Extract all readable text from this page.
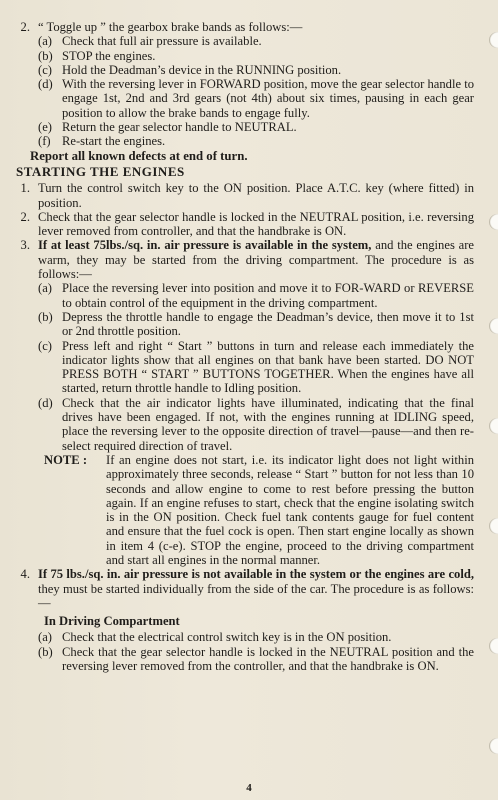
2. “ Toggle up ” the gearbox brake bands as follows:—
(a) Check that full air pressure is available.
(b) STOP the engines.
(c) Hold the Deadman’s device in the RUNNING position.
(d) With the reversing lever in FORWARD position, move the gear selector handle to engage 1st, 2nd and 3rd gears (not 4th) about six times, pausing in each gear position to allow the brake bands to engage fully.
(e) Return the gear selector handle to NEUTRAL.
(f) Re-start the engines.
Report all known defects at end of turn.
STARTING THE ENGINES
1. Turn the control switch key to the ON position. Place A.T.C. key (where fitted) in position.
2. Check that the gear selector handle is locked in the NEUTRAL position, i.e. reversing lever removed from controller, and that the handbrake is ON.
3. If at least 75lbs./sq. in. air pressure is available in the system, and the engines are warm, they may be started from the driving compartment. The procedure is as follows:—
(a) Place the reversing lever into position and move it to FOR-WARD or REVERSE to obtain control of the equipment in the driving compartment.
(b) Depress the throttle handle to engage the Deadman’s device, then move it to 1st or 2nd throttle position.
(c) Press left and right “ Start ” buttons in turn and release each immediately the indicator lights show that all engines on that bank have been started. DO NOT PRESS BOTH “ START ” BUTTONS TOGETHER. When the engines have all started, return throttle handle to Idling position.
(d) Check that the air indicator lights have illuminated, indicating that the final drives have been engaged. If not, with the engines running at IDLING speed, place the reversing lever to the opposite direction of travel—pause—and then re-select required direction of travel.
NOTE :	If an engine does not start, i.e. its indicator light does not light within approximately three seconds, release “ Start ” button for not less than 10 seconds and allow engine to come to rest before pressing the button again. If an engine refuses to start, check that the engine isolating switch is in the ON position. Check fuel tank contents gauge for fuel content and ensure that the fuel cock is open. Then start engine locally as shown in item 4 (c-e). STOP the engine, proceed to the driving compartment and start all engines in the normal manner.
4. If 75 lbs./sq. in. air pressure is not available in the system or the engines are cold, they must be started individually from the side of the car. The procedure is as follows:—
In Driving Compartment
(a) Check that the electrical control switch key is in the ON position.
(b) Check that the gear selector handle is locked in the NEUTRAL position and the reversing lever removed from the controller, and that the handbrake is ON.
4
